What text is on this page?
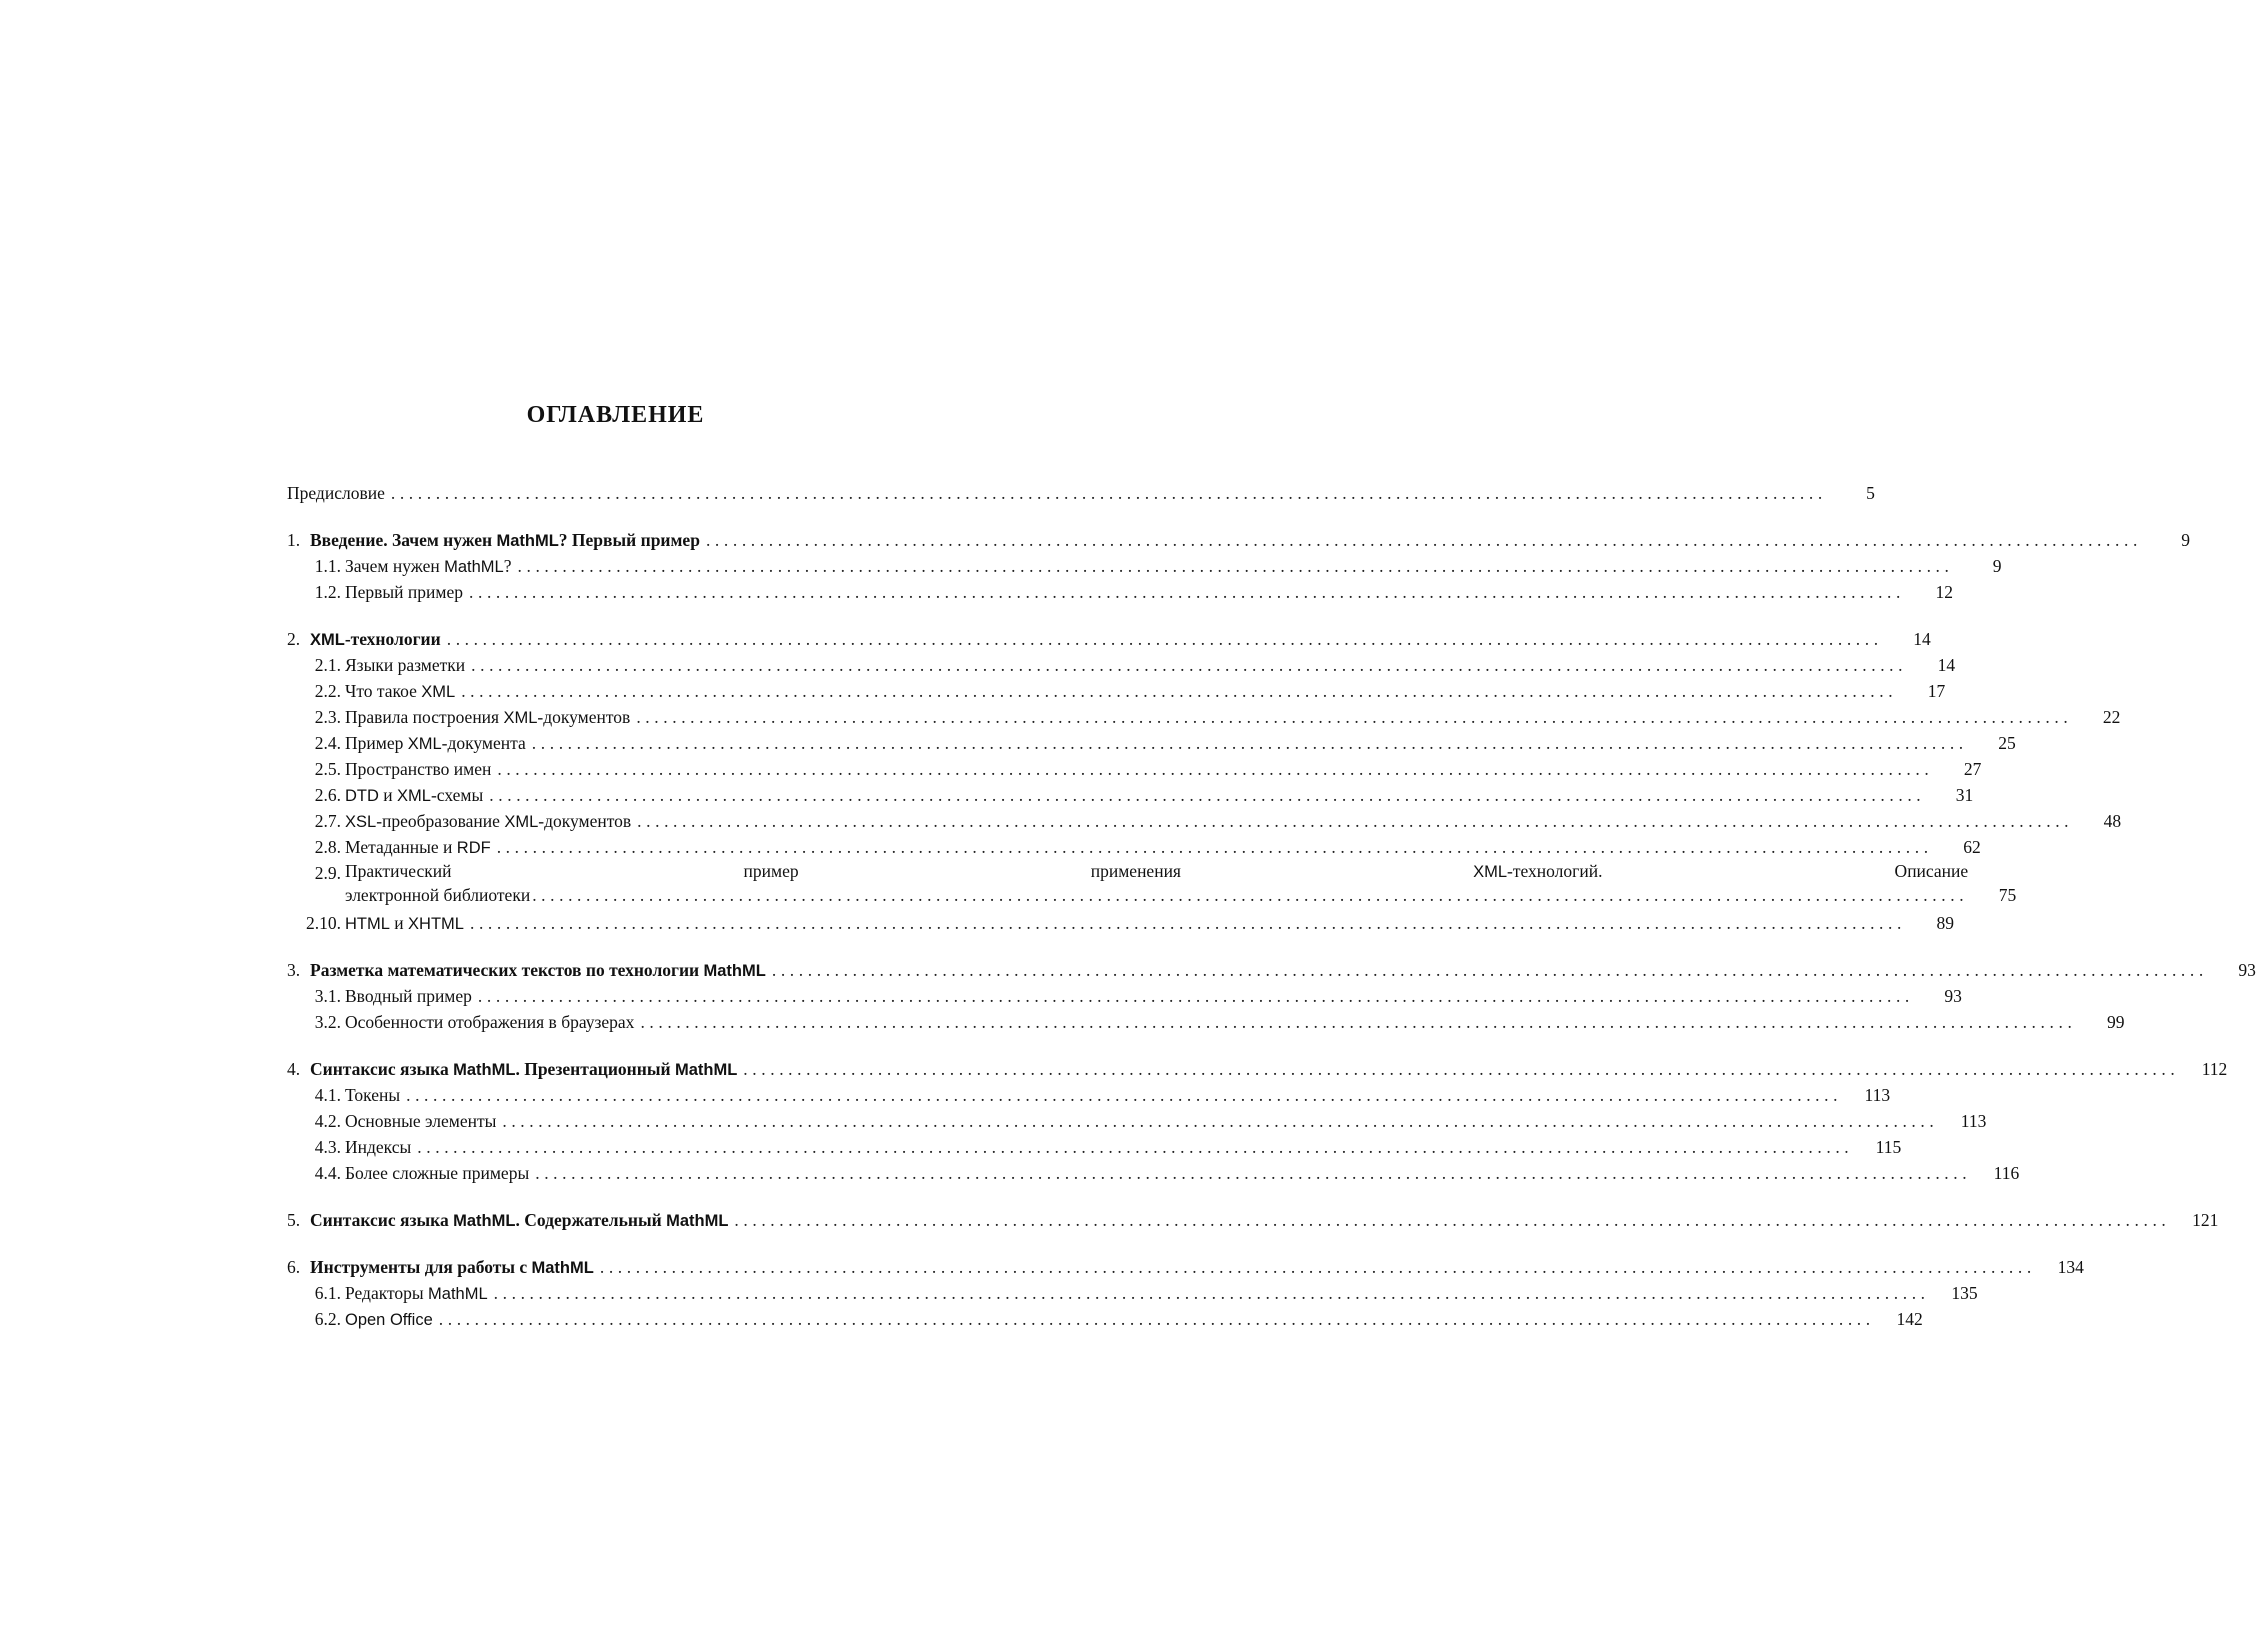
ОГЛАВЛЕНИЕ
Предисловие ................................................................................................................................................................	5
1. Введение. Зачем нужен MathML? Первый пример ................................................................................................................................................................	9
1.1. Зачем нужен MathML? ................................................................................................................................................................	9
1.2. Первый пример ................................................................................................................................................................	12
2. XML-технологии ................................................................................................................................................................	14
2.1. Языки разметки ................................................................................................................................................................	14
2.2. Что такое XML ................................................................................................................................................................	17
2.3. Правила построения XML-документов ................................................................................................................................................................	22
2.4. Пример XML-документа ................................................................................................................................................................	25
2.5. Пространство имен ................................................................................................................................................................	27
2.6. DTD и XML-схемы ................................................................................................................................................................	31
2.7. XSL-преобразование XML-документов ................................................................................................................................................................	48
2.8. Метаданные и RDF ................................................................................................................................................................	62
2.9. Практический пример применения XML-технологий. Описание
электронной библиотеки ................................................................................................................................................................	75
2.10. HTML и XHTML ................................................................................................................................................................	89
3. Разметка математических текстов по технологии MathML ................................................................................................................................................................	93
3.1. Вводный пример ................................................................................................................................................................	93
3.2. Особенности отображения в браузерах ................................................................................................................................................................	99
4. Синтаксис языка MathML. Презентационный MathML ................................................................................................................................................................	112
4.1. Токены ................................................................................................................................................................	113
4.2. Основные элементы ................................................................................................................................................................	113
4.3. Индексы ................................................................................................................................................................	115
4.4. Более сложные примеры ................................................................................................................................................................	116
5. Синтаксис языка MathML. Содержательный MathML ................................................................................................................................................................	121
6. Инструменты для работы с MathML ................................................................................................................................................................	134
6.1. Редакторы MathML ................................................................................................................................................................	135
6.2. Open Office ................................................................................................................................................................	142
